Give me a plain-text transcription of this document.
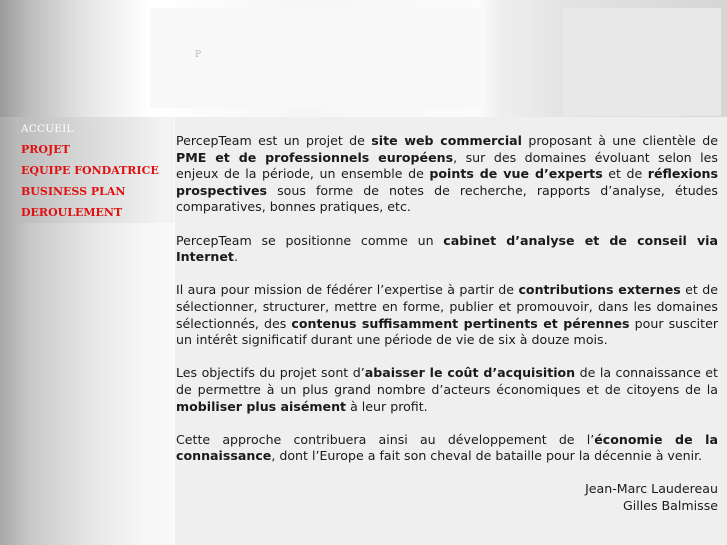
P
ACCUEIL
PROJET
EQUIPE FONDATRICE
BUSINESS PLAN
DEROULEMENT

PercepTeam est un projet de site web commercial proposant à une clientèle de PME et de professionnels européens, sur des domaines évoluant selon les enjeux de la période, un ensemble de points de vue d’experts et de réflexions prospectives sous forme de notes de recherche, rapports d’analyse, études comparatives, bonnes pratiques, etc.

PercepTeam se positionne comme un cabinet d’analyse et de conseil via Internet.

Il aura pour mission de fédérer l’expertise à partir de contributions externes et de sélectionner, structurer, mettre en forme, publier et promouvoir, dans les domaines sélectionnés, des contenus suffisamment pertinents et pérennes pour susciter un intérêt significatif durant une période de vie de six à douze mois.

Les objectifs du projet sont d’abaisser le coût d’acquisition de la connaissance et de permettre à un plus grand nombre d’acteurs économiques et de citoyens de la mobiliser plus aisément à leur profit.

Cette approche contribuera ainsi au développement de l’économie de la connaissance, dont l’Europe a fait son cheval de bataille pour la décennie à venir.

Jean-Marc Laudereau
Gilles Balmisse
